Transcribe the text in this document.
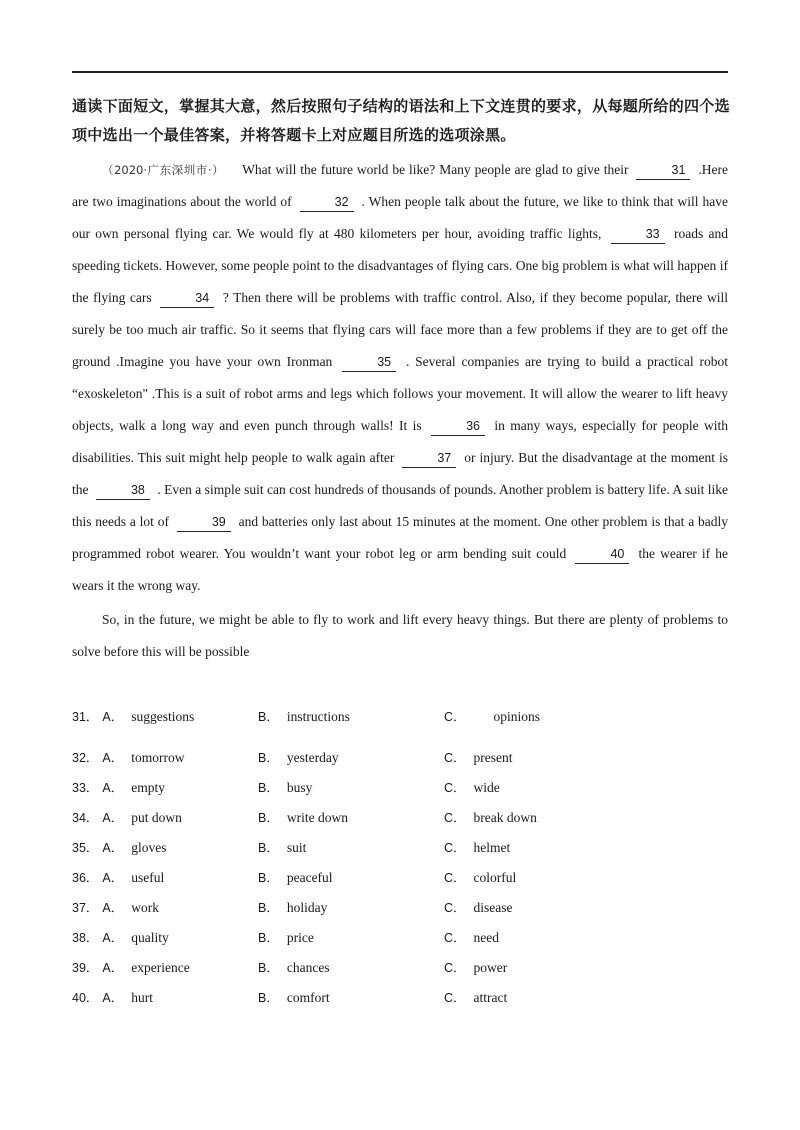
通读下面短文，掌握其大意，然后按照句子结构的语法和上下文连贯的要求，从每题所给的四个选项中选出一个最佳答案，并将答题卡上对应题目所选的选项涂黑。

（2020·广东深圳市·） What will the future world be like? Many people are glad to give their	31 .Here are two imaginations about the world of	32 . When people talk about the future, we like to think that will have our own personal flying car. We would fly at 480 kilometers per hour, avoiding traffic lights,	33 roads and speeding tickets. However, some people point to the disadvantages of flying cars. One big problem is what will happen if the flying cars	34 ? Then there will be problems with traffic control. Also, if they become popular, there will surely be too much air traffic. So it seems that flying cars will face more than a few problems if they are to get off the ground .Imagine you have your own Ironman	35 . Several companies are trying to build a practical robot “exoskeleton" .This is a suit of robot arms and legs which follows your movement. It will allow the wearer to lift heavy objects, walk a long way and even punch through walls! It is	36 in many ways, especially for people with disabilities. This suit might help people to walk again after	37 or injury. But the disadvantage at the moment is the	38 . Even a simple suit can cost hundreds of thousands of pounds. Another problem is battery life. A suit like this needs a lot of	39 and batteries only last about 15 minutes at the moment. One other problem is that a badly programmed robot wearer. You wouldn’t want your robot leg or arm bending suit could	40 the wearer if he wears it the wrong way.

So, in the future, we might be able to fly to work and lift every heavy things. But there are plenty of problems to solve before this will be possible

31． A． suggestions	B． instructions	C． opinions
32． A． tomorrow	B． yesterday	C． present
33． A． empty	B． busy	C． wide
34． A． put down	B． write down	C． break down
35． A． gloves	B． suit	C． helmet
36． A． useful	B． peaceful	C． colorful
37． A． work	B． holiday	C． disease
38． A． quality	B． price	C． need
39． A． experience	B． chances	C． power
40． A． hurt	B． comfort	C． attract
